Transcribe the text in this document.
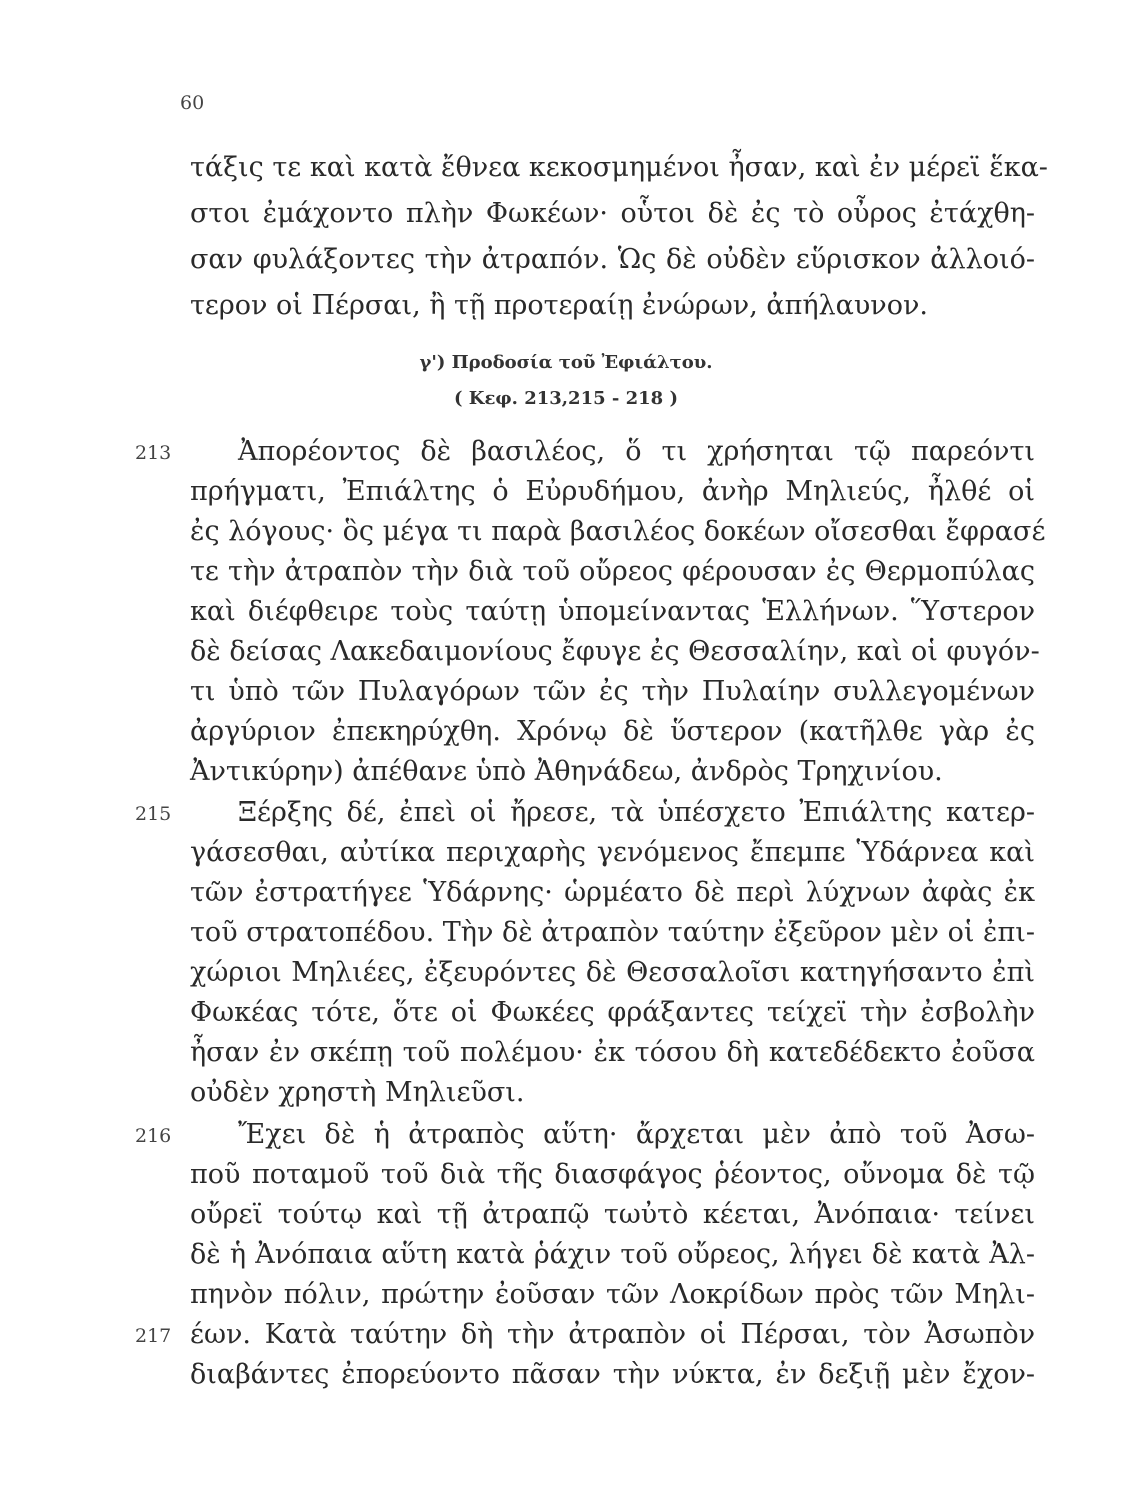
60
τάξις τε καὶ κατὰ ἔθνεα κεκοσμημένοι ἦσαν, καὶ ἐν μέρεϊ ἕκα-
στοι ἐμάχοντο πλὴν Φωκέων· οὗτοι δὲ ἐς τὸ οὖρος ἐτάχθη-
σαν φυλάξοντες τὴν ἀτραπόν. Ὡς δὲ οὐδὲν εὕρισκον ἀλλοιό-
τερον οἱ Πέρσαι, ἢ τῇ προτεραίῃ ἐνώρων, ἀπήλαυνον.
γ') Προδοσία τοῦ Ἐφιάλτου.
( Κεφ. 213,215 - 218 )
213
215
216
217
Ἀπορέοντος δὲ βασιλέος, ὅ τι χρήσηται τῷ παρεόντι
πρήγματι, Ἐπιάλτης ὁ Εὐρυδήμου, ἀνὴρ Μηλιεύς, ἦλθέ οἱ
ἐς λόγους· ὃς μέγα τι παρὰ βασιλέος δοκέων οἴσεσθαι ἔφρασέ
τε τὴν ἀτραπὸν τὴν διὰ τοῦ οὔρεος φέρουσαν ἐς Θερμοπύλας
καὶ διέφθειρε τοὺς ταύτῃ ὑπομείναντας Ἑλλήνων. Ὕστερον
δὲ δείσας Λακεδαιμονίους ἔφυγε ἐς Θεσσαλίην, καὶ οἱ φυγόν-
τι ὑπὸ τῶν Πυλαγόρων τῶν ἐς τὴν Πυλαίην συλλεγομένων
ἀργύριον ἐπεκηρύχθη. Χρόνῳ δὲ ὕστερον (κατῆλθε γὰρ ἐς
Ἀντικύρην) ἀπέθανε ὑπὸ Ἀθηνάδεω, ἀνδρὸς Τρηχινίου.
Ξέρξης δέ, ἐπεὶ οἱ ἤρεσε, τὰ ὑπέσχετο Ἐπιάλτης κατερ-
γάσεσθαι, αὐτίκα περιχαρὴς γενόμενος ἔπεμπε Ὑδάρνεα καὶ
τῶν ἐστρατήγεε Ὑδάρνης· ὡρμέατο δὲ περὶ λύχνων ἀφὰς ἐκ
τοῦ στρατοπέδου. Τὴν δὲ ἀτραπὸν ταύτην ἐξεῦρον μὲν οἱ ἐπι-
χώριοι Μηλιέες, ἐξευρόντες δὲ Θεσσαλοῖσι κατηγήσαντο ἐπὶ
Φωκέας τότε, ὅτε οἱ Φωκέες φράξαντες τείχεϊ τὴν ἐσβολὴν
ἦσαν ἐν σκέπῃ τοῦ πολέμου· ἐκ τόσου δὴ κατεδέδεκτο ἐοῦσα
οὐδὲν χρηστὴ Μηλιεῦσι.
Ἔχει δὲ ἡ ἀτραπὸς αὕτη· ἄρχεται μὲν ἀπὸ τοῦ Ἀσω-
ποῦ ποταμοῦ τοῦ διὰ τῆς διασφάγος ῥέοντος, οὔνομα δὲ τῷ
οὔρεϊ τούτῳ καὶ τῇ ἀτραπῷ τωὐτὸ κέεται, Ἀνόπαια· τείνει
δὲ ἡ Ἀνόπαια αὕτη κατὰ ῥάχιν τοῦ οὔρεος, λήγει δὲ κατὰ Ἀλ-
πηνὸν πόλιν, πρώτην ἐοῦσαν τῶν Λοκρίδων πρὸς τῶν Μηλι-
έων. Κατὰ ταύτην δὴ τὴν ἀτραπὸν οἱ Πέρσαι, τὸν Ἀσωπὸν
διαβάντες ἐπορεύοντο πᾶσαν τὴν νύκτα, ἐν δεξιῇ μὲν ἔχον-
